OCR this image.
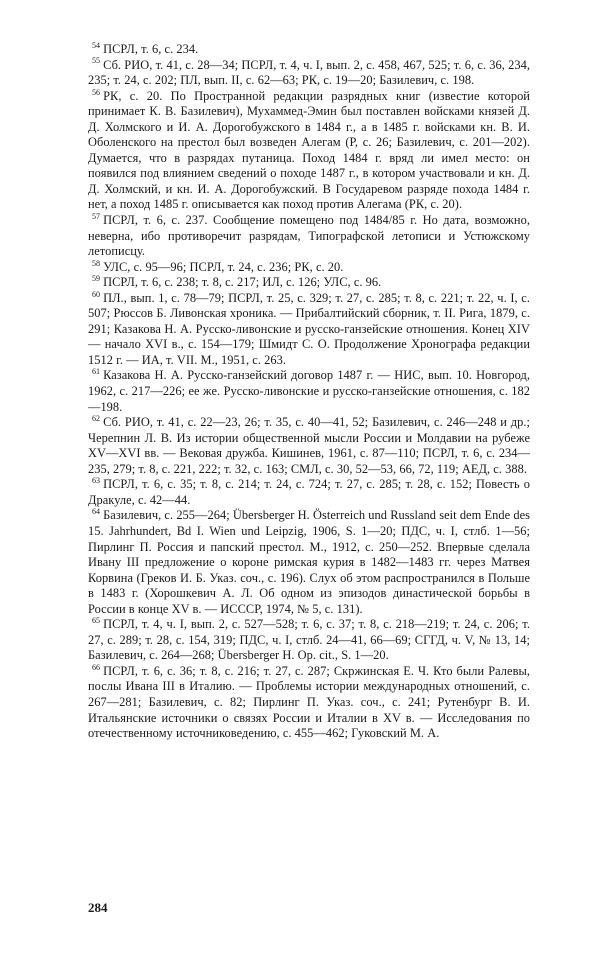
$^{54}$ ПСРЛ, т. 6, с. 234.

$^{55}$ Сб. РИО, т. 41, с. 28—34; ПСРЛ, т. 4, ч. I, вып. 2, с. 458, 467, 525; т. 6, с. 36, 234, 235; т. 24, с. 202; ПЛ, вып. II, с. 62—63; РК, с. 19—20; Базилевич, с. 198.

$^{56}$ РК, с. 20. По Пространной редакции разрядных книг (известие которой принимает К. В. Базилевич), Мухаммед-Эмин был поставлен войсками князей Д. Д. Холмского и И. А. Дорогобужского в 1484 г., а в 1485 г. войсками кн. В. И. Оболенского на престол был возведен Алегам (Р, с. 26; Базилевич, с. 201—202). Думается, что в разрядах путаница. Поход 1484 г. вряд ли имел место: он появился под влиянием сведений о походе 1487 г., в котором участвовали и кн. Д. Д. Холмский, и кн. И. А. Дорогобужский. В Государевом разряде похода 1484 г. нет, а поход 1485 г. описывается как поход против Алегама (РК, с. 20).

$^{57}$ ПСРЛ, т. 6, с. 237. Сообщение помещено под 1484/85 г. Но дата, возможно, неверна, ибо противоречит разрядам, Типографской летописи и Устюжскому летописцу.

$^{58}$ УЛС, с. 95—96; ПСРЛ, т. 24, с. 236; РК, с. 20.

$^{59}$ ПСРЛ, т. 6, с. 238; т. 8, с. 217; ИЛ, с. 126; УЛС, с. 96.

$^{60}$ ПЛ., вып. 1, с. 78—79; ПСРЛ, т. 25, с. 329; т. 27, с. 285; т. 8, с. 221; т. 22, ч. I, с. 507; Рюссов Б. Ливонская хроника. — Прибалтийский сборник, т. II. Рига, 1879, с. 291; Казакова Н. А. Русско-ливонские и русско-ганзейские отношения. Конец XIV — начало XVI в., с. 154—179; Шмидт С. О. Продолжение Хронографа редакции 1512 г. — ИА, т. VII. М., 1951, с. 263.

$^{61}$ Казакова Н. А. Русско-ганзейский договор 1487 г. — НИС, вып. 10. Новгород, 1962, с. 217—226; ее же. Русско-ливонские и русско-ганзейские отношения, с. 182—198.

$^{62}$ Сб. РИО, т. 41, с. 22—23, 26; т. 35, с. 40—41, 52; Базилевич, с. 246—248 и др.; Черепнин Л. В. Из истории общественной мысли России и Молдавии на рубеже XV—XVI вв. — Вековая дружба. Кишинев, 1961, с. 87—110; ПСРЛ, т. 6, с. 234—235, 279; т. 8, с. 221, 222; т. 32, с. 163; СМЛ, с. 30, 52—53, 66, 72, 119; АЕД, с. 388.

$^{63}$ ПСРЛ, т. 6, с. 35; т. 8, с. 214; т. 24, с. 724; т. 27, с. 285; т. 28, с. 152; Повесть о Дракуле, с. 42—44.

$^{64}$ Базилевич, с. 255—264; Übersberger H. Österreich und Russland seit dem Ende des 15. Jahrhundert, Bd I. Wien und Leipzig, 1906, S. 1—20; ПДС, ч. I, стлб. 1—56; Пирлинг П. Россия и папский престол. М., 1912, с. 250—252. Впервые сделала Ивану III предложение о короне римская курия в 1482—1483 гг. через Матвея Корвина (Греков И. Б. Указ. соч., с. 196). Слух об этом распространился в Польше в 1483 г. (Хорошкевич А. Л. Об одном из эпизодов династической борьбы в России в конце XV в. — ИСССР, 1974, № 5, с. 131).

$^{65}$ ПСРЛ, т. 4, ч. I, вып. 2, с. 527—528; т. 6, с. 37; т. 8, с. 218—219; т. 24, с. 206; т. 27, с. 289; т. 28, с. 154, 319; ПДС, ч. I, стлб. 24—41, 66—69; СГГД, ч. V, № 13, 14; Базилевич, с. 264—268; Übersberger H. Op. cit., S. 1—20.

$^{66}$ ПСРЛ, т. 6, с. 36; т. 8, с. 216; т. 27, с. 287; Скржинская Е. Ч. Кто были Ралевы, послы Ивана III в Италию. — Проблемы истории международных отношений, с. 267—281; Базилевич, с. 82; Пирлинг П. Указ. соч., с. 241; Рутенбург В. И. Итальянские источники о связях России и Италии в XV в. — Исследования по отечественному источниковедению, с. 455—462; Гуковский М. А.

284
